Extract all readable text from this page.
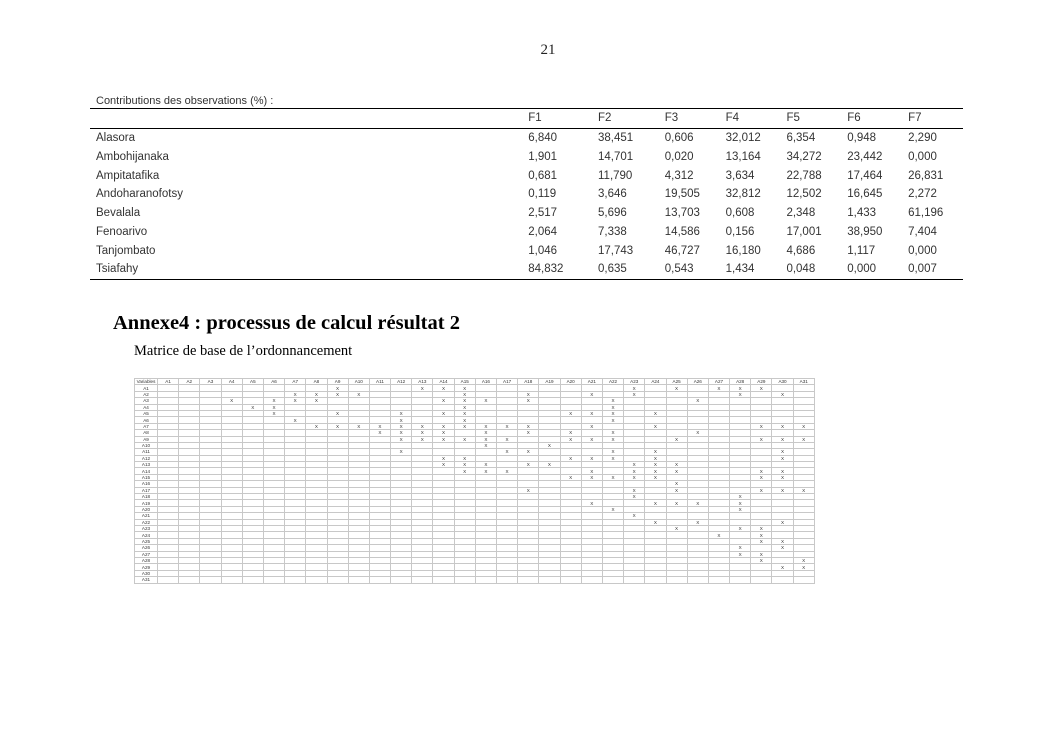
21
Contributions des observations (%) :
	F1	F2	F3	F4	F5	F6	F7
Alasora	6,840	38,451	0,606	32,012	6,354	0,948	2,290
Ambohijanaka	1,901	14,701	0,020	13,164	34,272	23,442	0,000
Ampitatafika	0,681	11,790	4,312	3,634	22,788	17,464	26,831
Andoharanofotsy	0,119	3,646	19,505	32,812	12,502	16,645	2,272
Bevalala	2,517	5,696	13,703	0,608	2,348	1,433	61,196
Fenoarivo	2,064	7,338	14,586	0,156	17,001	38,950	7,404
Tanjombato	1,046	17,743	46,727	16,180	4,686	1,117	0,000
Tsiafahy	84,832	0,635	0,543	1,434	0,048	0,000	0,007
Annexe4 : processus de calcul résultat 2
Matrice de base de l’ordonnancement
Variables	A1	A2	A3	A4	A5	A6	A7	A8	A9	A10	A11	A12	A13	A14	A15	A16	A17	A18	A19	A20	A21	A22	A23	A24	A25	A26	A27	A28	A29	A30	A31
A1									X				X	X	X								X		X		X	X	X		
A2							X	X	X	X					X			X			X		X					X		X	
A3				X		X	X	X						X	X	X		X				X				X					
A4					X	X									X							X									
A5						X			X			X		X	X					X	X	X		X							
A6							X					X			X							X									
A7								X	X	X	X	X	X	X	X	X	X	X			X			X					X	X	X
A8											X	X	X	X		X		X		X		X				X					
A9												X	X	X	X	X	X			X	X	X			X				X	X	X
A10																X			X												
A11												X					X	X				X		X						X	
A12														X	X					X	X	X		X						X	
A13														X	X	X		X	X				X	X	X						
A14															X	X	X				X		X	X	X				X	X	
A15																				X	X	X	X	X					X	X	
A16																									X						
A17																		X					X		X				X	X	X
A18																							X					X			
A19																					X			X	X	X		X			
A20																						X						X			
A21																							X								
A22																								X		X				X	
A23																									X			X	X		
A24																											X		X		
A25																													X	X	
A26																												X		X	
A27																												X	X		
A28																													X		X
A29																														X	X
A30																															
A31																															
